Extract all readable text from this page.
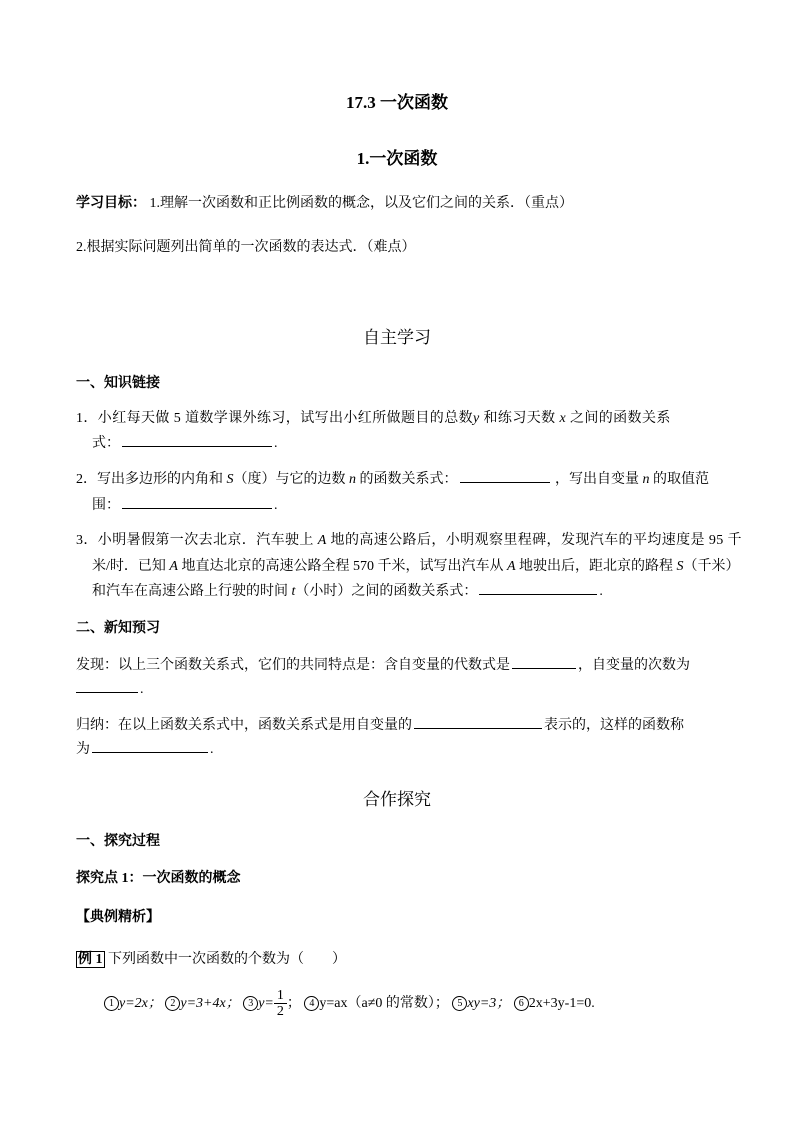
17.3 一次函数
1.一次函数
学习目标： 1.理解一次函数和正比例函数的概念，以及它们之间的关系．（重点）
2.根据实际问题列出简单的一次函数的表达式．（难点）
自主学习
一、知识链接
1．小红每天做 5 道数学课外练习，试写出小红所做题目的总数y 和练习天数 x 之间的函数关系
式：	.
2．写出多边形的内角和 S（度）与它的边数 n 的函数关系式：	，写出自变量 n 的取值范
围：	.
3．小明暑假第一次去北京．汽车驶上 A 地的高速公路后，小明观察里程碑，发现汽车的平均速度是 95 千
米/时．已知 A 地直达北京的高速公路全程 570 千米，试写出汽车从 A 地驶出后，距北京的路程 S（千米）
和汽车在高速公路上行驶的时间 t（小时）之间的函数关系式：	.
二、新知预习
发现：以上三个函数关系式，它们的共同特点是：含自变量的代数式是	，自变量的次数为
.
归纳：在以上函数关系式中，函数关系式是用自变量的	表示的，这样的函数称
为	.
合作探究
一、探究过程
探究点 1：一次函数的概念
【典例精析】
例 1 下列函数中一次函数的个数为（　　）
1 y=2x； 2 y=3+4x； 3 $y= \frac{1}{2}$ ； 4 y=ax（a≠0 的常数）； 5 xy=3； 6 2x+3y-1=0.
